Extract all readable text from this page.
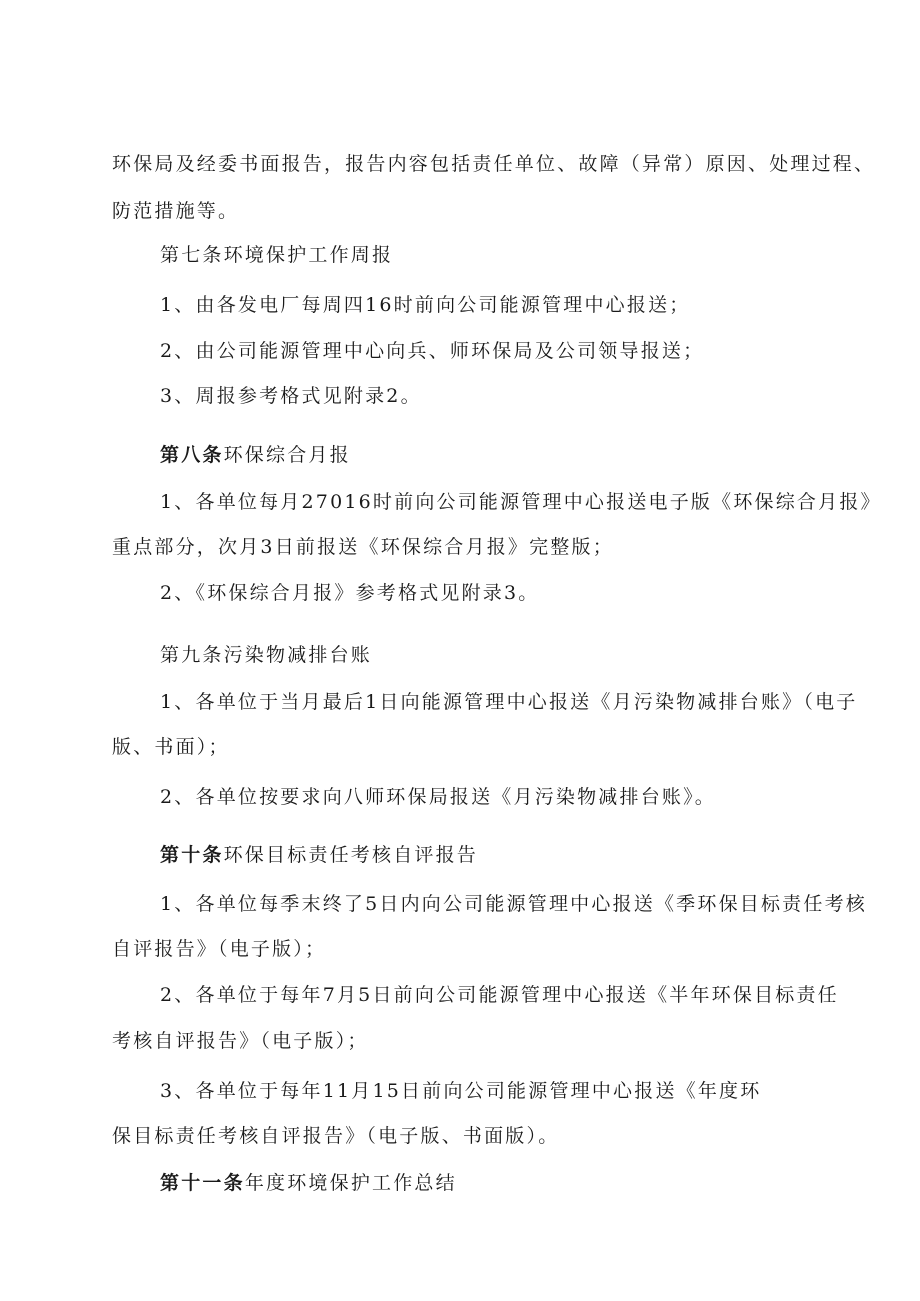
环保局及经委书面报告，报告内容包括责任单位、故障（异常）原因、处理过程、
防范措施等。
第七条环境保护工作周报
1、由各发电厂每周四16时前向公司能源管理中心报送；
2、由公司能源管理中心向兵、师环保局及公司领导报送；
3、周报参考格式见附录2。
第八条环保综合月报
1、各单位每月27016时前向公司能源管理中心报送电子版《环保综合月报》
重点部分，次月3日前报送《环保综合月报》完整版；
2、《环保综合月报》参考格式见附录3。
第九条污染物减排台账
1、各单位于当月最后1日向能源管理中心报送《月污染物减排台账》（电子
版、书面）；
2、各单位按要求向八师环保局报送《月污染物减排台账》。
第十条环保目标责任考核自评报告
1、各单位每季末终了5日内向公司能源管理中心报送《季环保目标责任考核
自评报告》（电子版）；
2、各单位于每年7月5日前向公司能源管理中心报送《半年环保目标责任
考核自评报告》（电子版）；
3、各单位于每年11月15日前向公司能源管理中心报送《年度环
保目标责任考核自评报告》（电子版、书面版）。
第十一条年度环境保护工作总结
